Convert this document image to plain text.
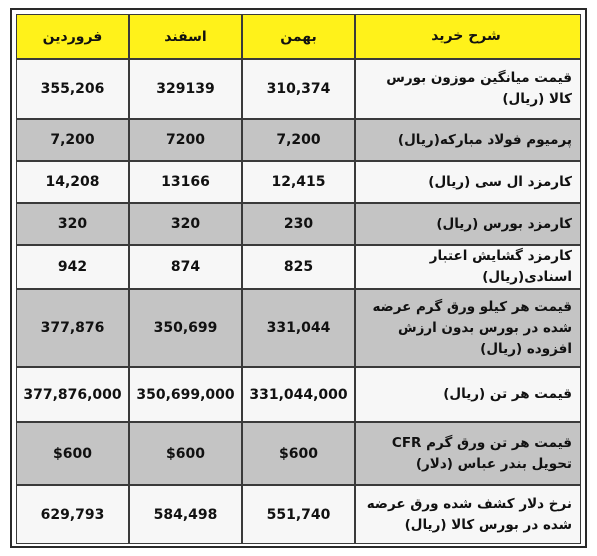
فروردین	اسفند	بهمن	شرح خرید
355,206	329139	310,374	قیمت میانگین موزون بورس کالا (ریال)
7,200	7200	7,200	پرمیوم فولاد مبارکه(ریال)
14,208	13166	12,415	کارمزد ال سی (ریال)
320	320	230	کارمزد بورس (ریال)
942	874	825	کارمزد گشایش اعتبار اسنادی(ریال)
377,876	350,699	331,044	قیمت هر کیلو ورق گرم عرضه شده در بورس بدون ارزش افزوده (ریال)
377,876,000	350,699,000	331,044,000	قیمت هر تن (ریال)
$600	$600	$600	قیمت هر تن ورق گرم CFR تحویل بندر عباس (دلار)
629,793	584,498	551,740	نرخ دلار کشف شده ورق عرضه شده در بورس کالا (ریال)
